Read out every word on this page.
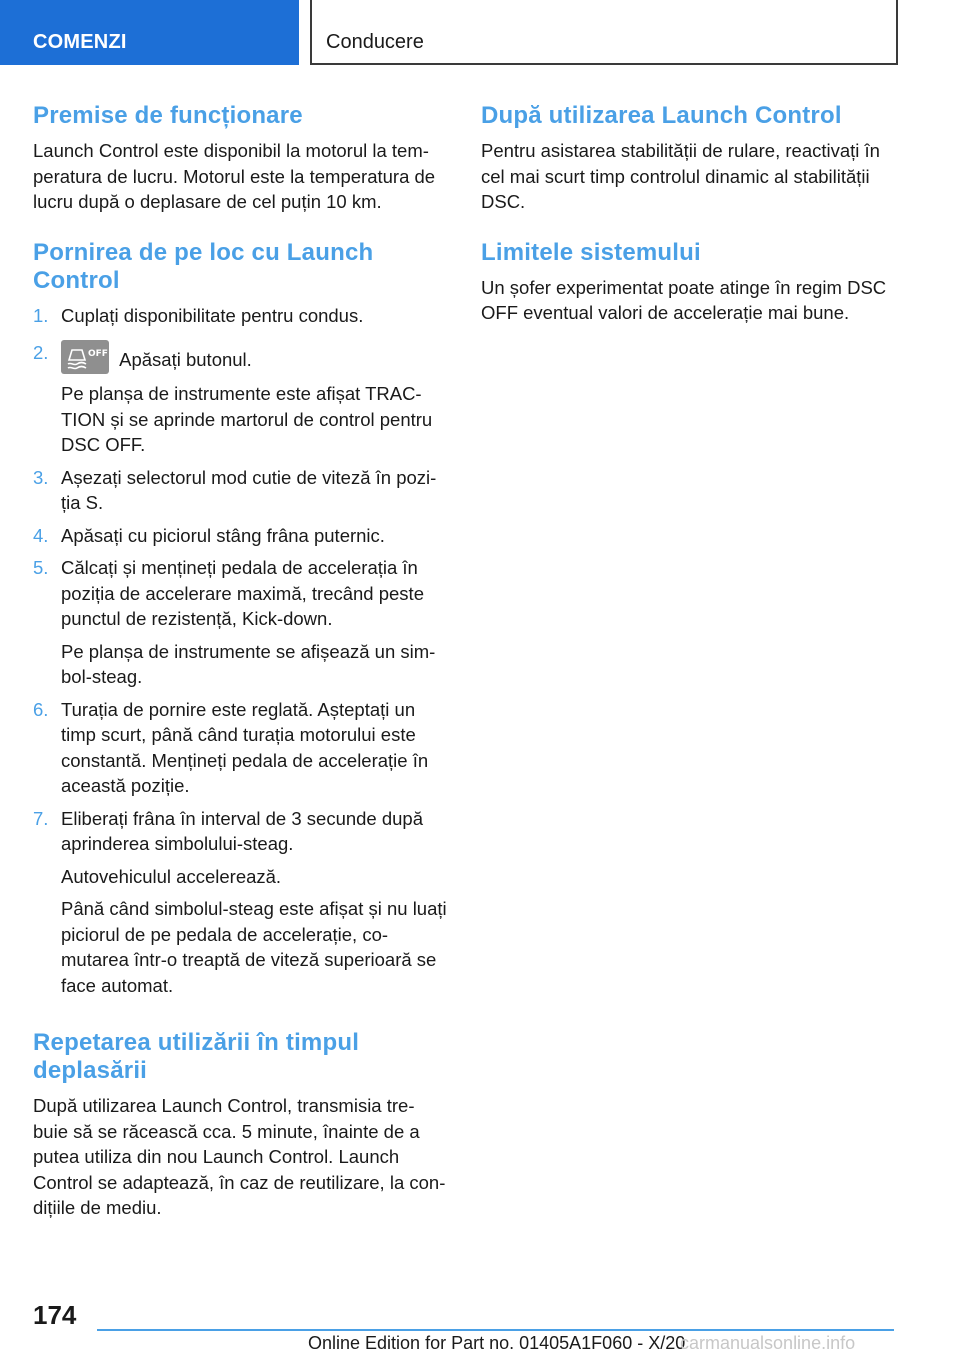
COMENZI	Conducere
Premise de funcționare

Launch Control este disponibil la motorul la tem-peratura de lucru. Motorul este la temperatura de lucru după o deplasare de cel puțin 10 km.

Pornirea de pe loc cu Launch Control
1. Cuplați disponibilitate pentru condus.
2.	OFF Apăsați butonul.

Pe planșa de instrumente este afișat TRAC-TION și se aprinde martorul de control pentru DSC OFF.

3. Așezați selectorul mod cutie de viteză în pozi-ția S.
4. Apăsați cu piciorul stâng frâna puternic.
5. Călcați și mențineți pedala de accelerația în poziția de accelerare maximă, trecând peste punctul de rezistență, Kick-down.

Pe planșa de instrumente se afișează un sim-bol-steag.

6. Turația de pornire este reglată. Așteptați un timp scurt, până când turația motorului este constantă. Mențineți pedala de accelerație în această poziție.
7. Eliberați frâna în interval de 3 secunde după aprinderea simbolului-steag.

Autovehiculul accelerează.

Până când simbolul-steag este afișat și nu luați piciorul de pe pedala de accelerație, co-mutarea într-o treaptă de viteză superioară se face automat.

Repetarea utilizării în timpul deplasării

După utilizarea Launch Control, transmisia tre-buie să se răcească cca. 5 minute, înainte de a putea utiliza din nou Launch Control. Launch Control se adaptează, în caz de reutilizare, la con-dițiile de mediu.

După utilizarea Launch Control

Pentru asistarea stabilității de rulare, reactivați în cel mai scurt timp controlul dinamic al stabilității DSC.

Limitele sistemului

Un șofer experimentat poate atinge în regim DSC OFF eventual valori de accelerație mai bune.

174
Online Edition for Part no. 01405A1F060 - X/20
carmanualsonline.info
